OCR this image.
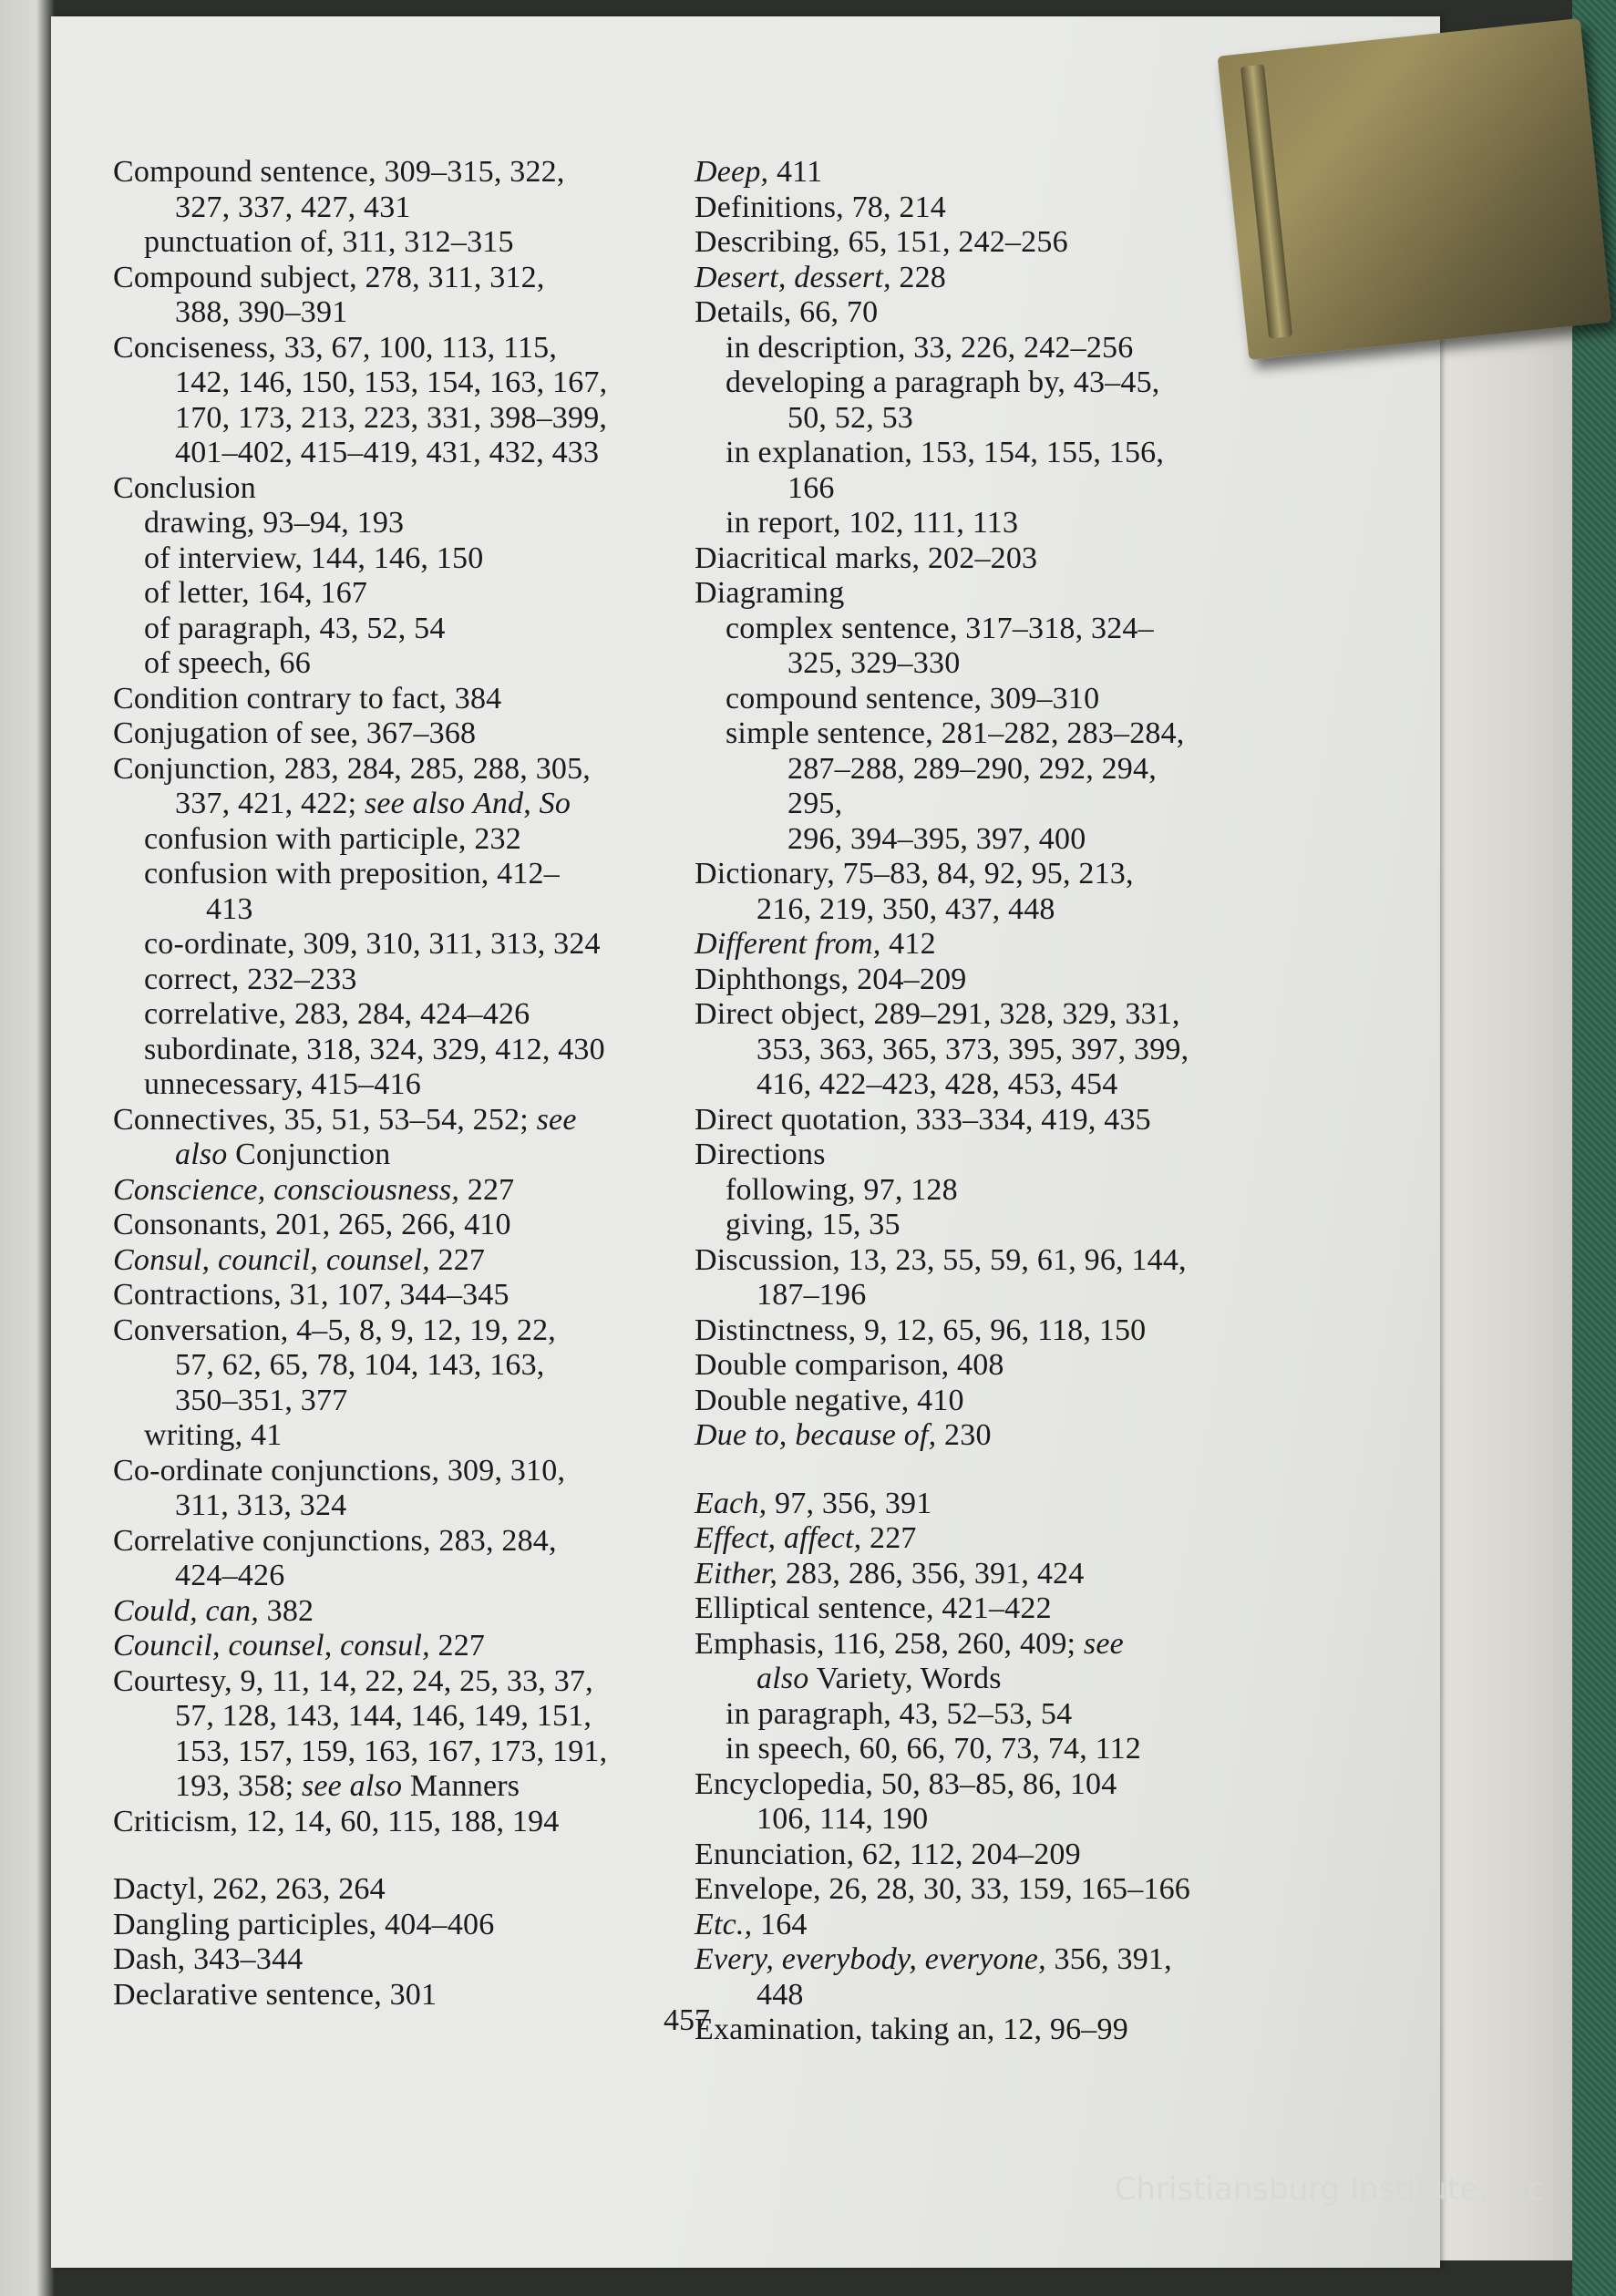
Compound sentence, 309–315, 322,
327, 337, 427, 431
punctuation of, 311, 312–315
Compound subject, 278, 311, 312,
388, 390–391
Conciseness, 33, 67, 100, 113, 115,
142, 146, 150, 153, 154, 163, 167,
170, 173, 213, 223, 331, 398–399,
401–402, 415–419, 431, 432, 433
Conclusion
drawing, 93–94, 193
of interview, 144, 146, 150
of letter, 164, 167
of paragraph, 43, 52, 54
of speech, 66
Condition contrary to fact, 384
Conjugation of see, 367–368
Conjunction, 283, 284, 285, 288, 305,
337, 421, 422; see also And, So
confusion with participle, 232
confusion with preposition, 412–
413
co-ordinate, 309, 310, 311, 313, 324
correct, 232–233
correlative, 283, 284, 424–426
subordinate, 318, 324, 329, 412, 430
unnecessary, 415–416
Connectives, 35, 51, 53–54, 252; see
also Conjunction
Conscience, consciousness, 227
Consonants, 201, 265, 266, 410
Consul, council, counsel, 227
Contractions, 31, 107, 344–345
Conversation, 4–5, 8, 9, 12, 19, 22,
57, 62, 65, 78, 104, 143, 163,
350–351, 377
writing, 41
Co-ordinate conjunctions, 309, 310,
311, 313, 324
Correlative conjunctions, 283, 284,
424–426
Could, can, 382
Council, counsel, consul, 227
Courtesy, 9, 11, 14, 22, 24, 25, 33, 37,
57, 128, 143, 144, 146, 149, 151,
153, 157, 159, 163, 167, 173, 191,
193, 358; see also Manners
Criticism, 12, 14, 60, 115, 188, 194
Dactyl, 262, 263, 264
Dangling participles, 404–406
Dash, 343–344
Declarative sentence, 301
Deep, 411
Definitions, 78, 214
Describing, 65, 151, 242–256
Desert, dessert, 228
Details, 66, 70
in description, 33, 226, 242–256
developing a paragraph by, 43–45,
50, 52, 53
in explanation, 153, 154, 155, 156,
166
in report, 102, 111, 113
Diacritical marks, 202–203
Diagraming
complex sentence, 317–318, 324–
325, 329–330
compound sentence, 309–310
simple sentence, 281–282, 283–284,
287–288, 289–290, 292, 294, 295,
296, 394–395, 397, 400
Dictionary, 75–83, 84, 92, 95, 213,
216, 219, 350, 437, 448
Different from, 412
Diphthongs, 204–209
Direct object, 289–291, 328, 329, 331,
353, 363, 365, 373, 395, 397, 399,
416, 422–423, 428, 453, 454
Direct quotation, 333–334, 419, 435
Directions
following, 97, 128
giving, 15, 35
Discussion, 13, 23, 55, 59, 61, 96, 144,
187–196
Distinctness, 9, 12, 65, 96, 118, 150
Double comparison, 408
Double negative, 410
Due to, because of, 230
Each, 97, 356, 391
Effect, affect, 227
Either, 283, 286, 356, 391, 424
Elliptical sentence, 421–422
Emphasis, 116, 258, 260, 409; see
also Variety, Words
in paragraph, 43, 52–53, 54
in speech, 60, 66, 70, 73, 74, 112
Encyclopedia, 50, 83–85, 86, 104
106, 114, 190
Enunciation, 62, 112, 204–209
Envelope, 26, 28, 30, 33, 159, 165–166
Etc., 164
Every, everybody, everyone, 356, 391,
448
Examination, taking an, 12, 96–99
457
Christiansburg Institute, Inc
